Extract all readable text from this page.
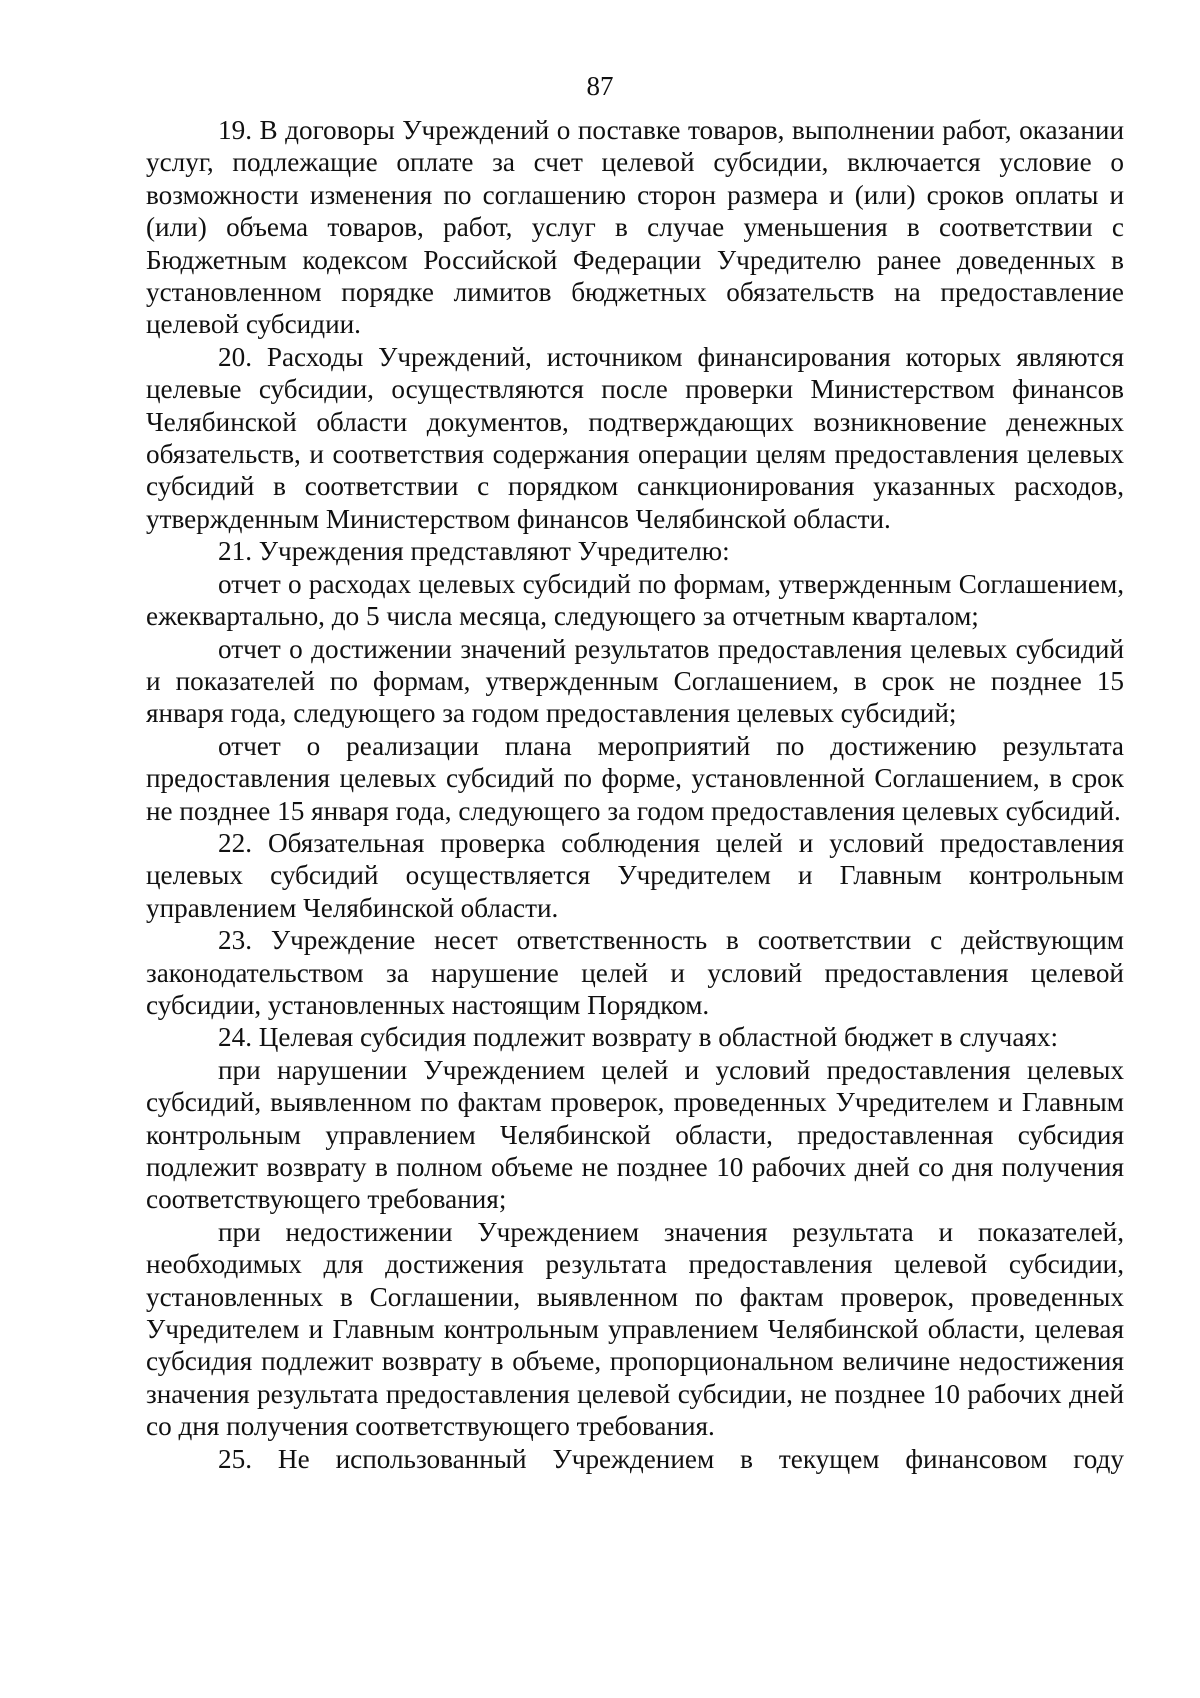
87

19. В договоры Учреждений о поставке товаров, выполнении работ, оказании услуг, подлежащие оплате за счет целевой субсидии, включается условие о возможности изменения по соглашению сторон размера и (или) сроков оплаты и (или) объема товаров, работ, услуг в случае уменьшения в соответствии с Бюджетным кодексом Российской Федерации Учредителю ранее доведенных в установленном порядке лимитов бюджетных обязательств на предоставление целевой субсидии.

20. Расходы Учреждений, источником финансирования которых являются целевые субсидии, осуществляются после проверки Министерством финансов Челябинской области документов, подтверждающих возникновение денежных обязательств, и соответствия содержания операции целям предоставления целевых субсидий в соответствии с порядком санкционирования указанных расходов, утвержденным Министерством финансов Челябинской области.

21. Учреждения представляют Учредителю:

отчет о расходах целевых субсидий по формам, утвержденным Соглашением, ежеквартально, до 5 числа месяца, следующего за отчетным кварталом;

отчет о достижении значений результатов предоставления целевых субсидий и показателей по формам, утвержденным Соглашением, в срок не позднее 15 января года, следующего за годом предоставления целевых субсидий;

отчет о реализации плана мероприятий по достижению результата предоставления целевых субсидий по форме, установленной Соглашением, в срок не позднее 15 января года, следующего за годом предоставления целевых субсидий.

22. Обязательная проверка соблюдения целей и условий предоставления целевых субсидий осуществляется Учредителем и Главным контрольным управлением Челябинской области.

23. Учреждение несет ответственность в соответствии с действующим законодательством за нарушение целей и условий предоставления целевой субсидии, установленных настоящим Порядком.

24. Целевая субсидия подлежит возврату в областной бюджет в случаях:

при нарушении Учреждением целей и условий предоставления целевых субсидий, выявленном по фактам проверок, проведенных Учредителем и Главным контрольным управлением Челябинской области, предоставленная субсидия подлежит возврату в полном объеме не позднее 10 рабочих дней со дня получения соответствующего требования;

при недостижении Учреждением значения результата и показателей, необходимых для достижения результата предоставления целевой субсидии, установленных в Соглашении, выявленном по фактам проверок, проведенных Учредителем и Главным контрольным управлением Челябинской области, целевая субсидия подлежит возврату в объеме, пропорциональном величине недостижения значения результата предоставления целевой субсидии, не позднее 10 рабочих дней со дня получения соответствующего требования.

25. Не использованный Учреждением в текущем финансовом году
